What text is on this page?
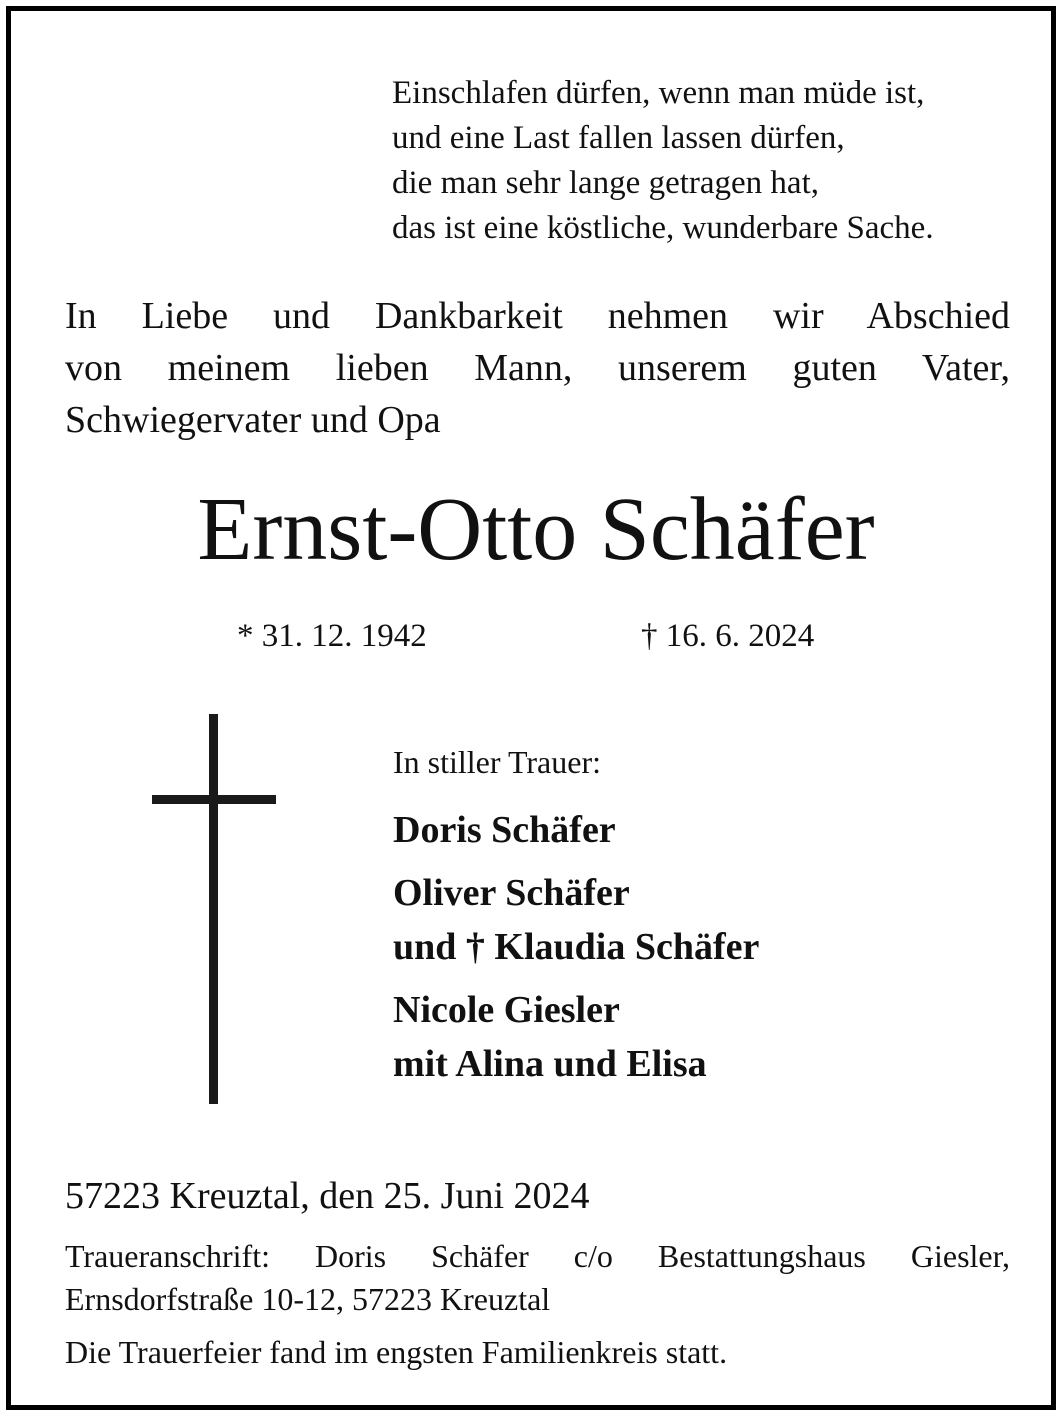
Einschlafen dürfen, wenn man müde ist,
und eine Last fallen lassen dürfen,
die man sehr lange getragen hat,
das ist eine köstliche, wunderbare Sache.
In Liebe und Dankbarkeit nehmen wir Abschied
von meinem lieben Mann, unserem guten Vater,
Schwiegervater und Opa
Ernst-Otto Schäfer
* 31. 12. 1942	† 16. 6. 2024
In stiller Trauer:
Doris Schäfer
Oliver Schäfer
und † Klaudia Schäfer
Nicole Giesler
mit Alina und Elisa
57223 Kreuztal, den 25. Juni 2024
Traueranschrift: Doris Schäfer c/o Bestattungshaus Giesler,
Ernsdorfstraße 10-12, 57223 Kreuztal
Die Trauerfeier fand im engsten Familienkreis statt.
